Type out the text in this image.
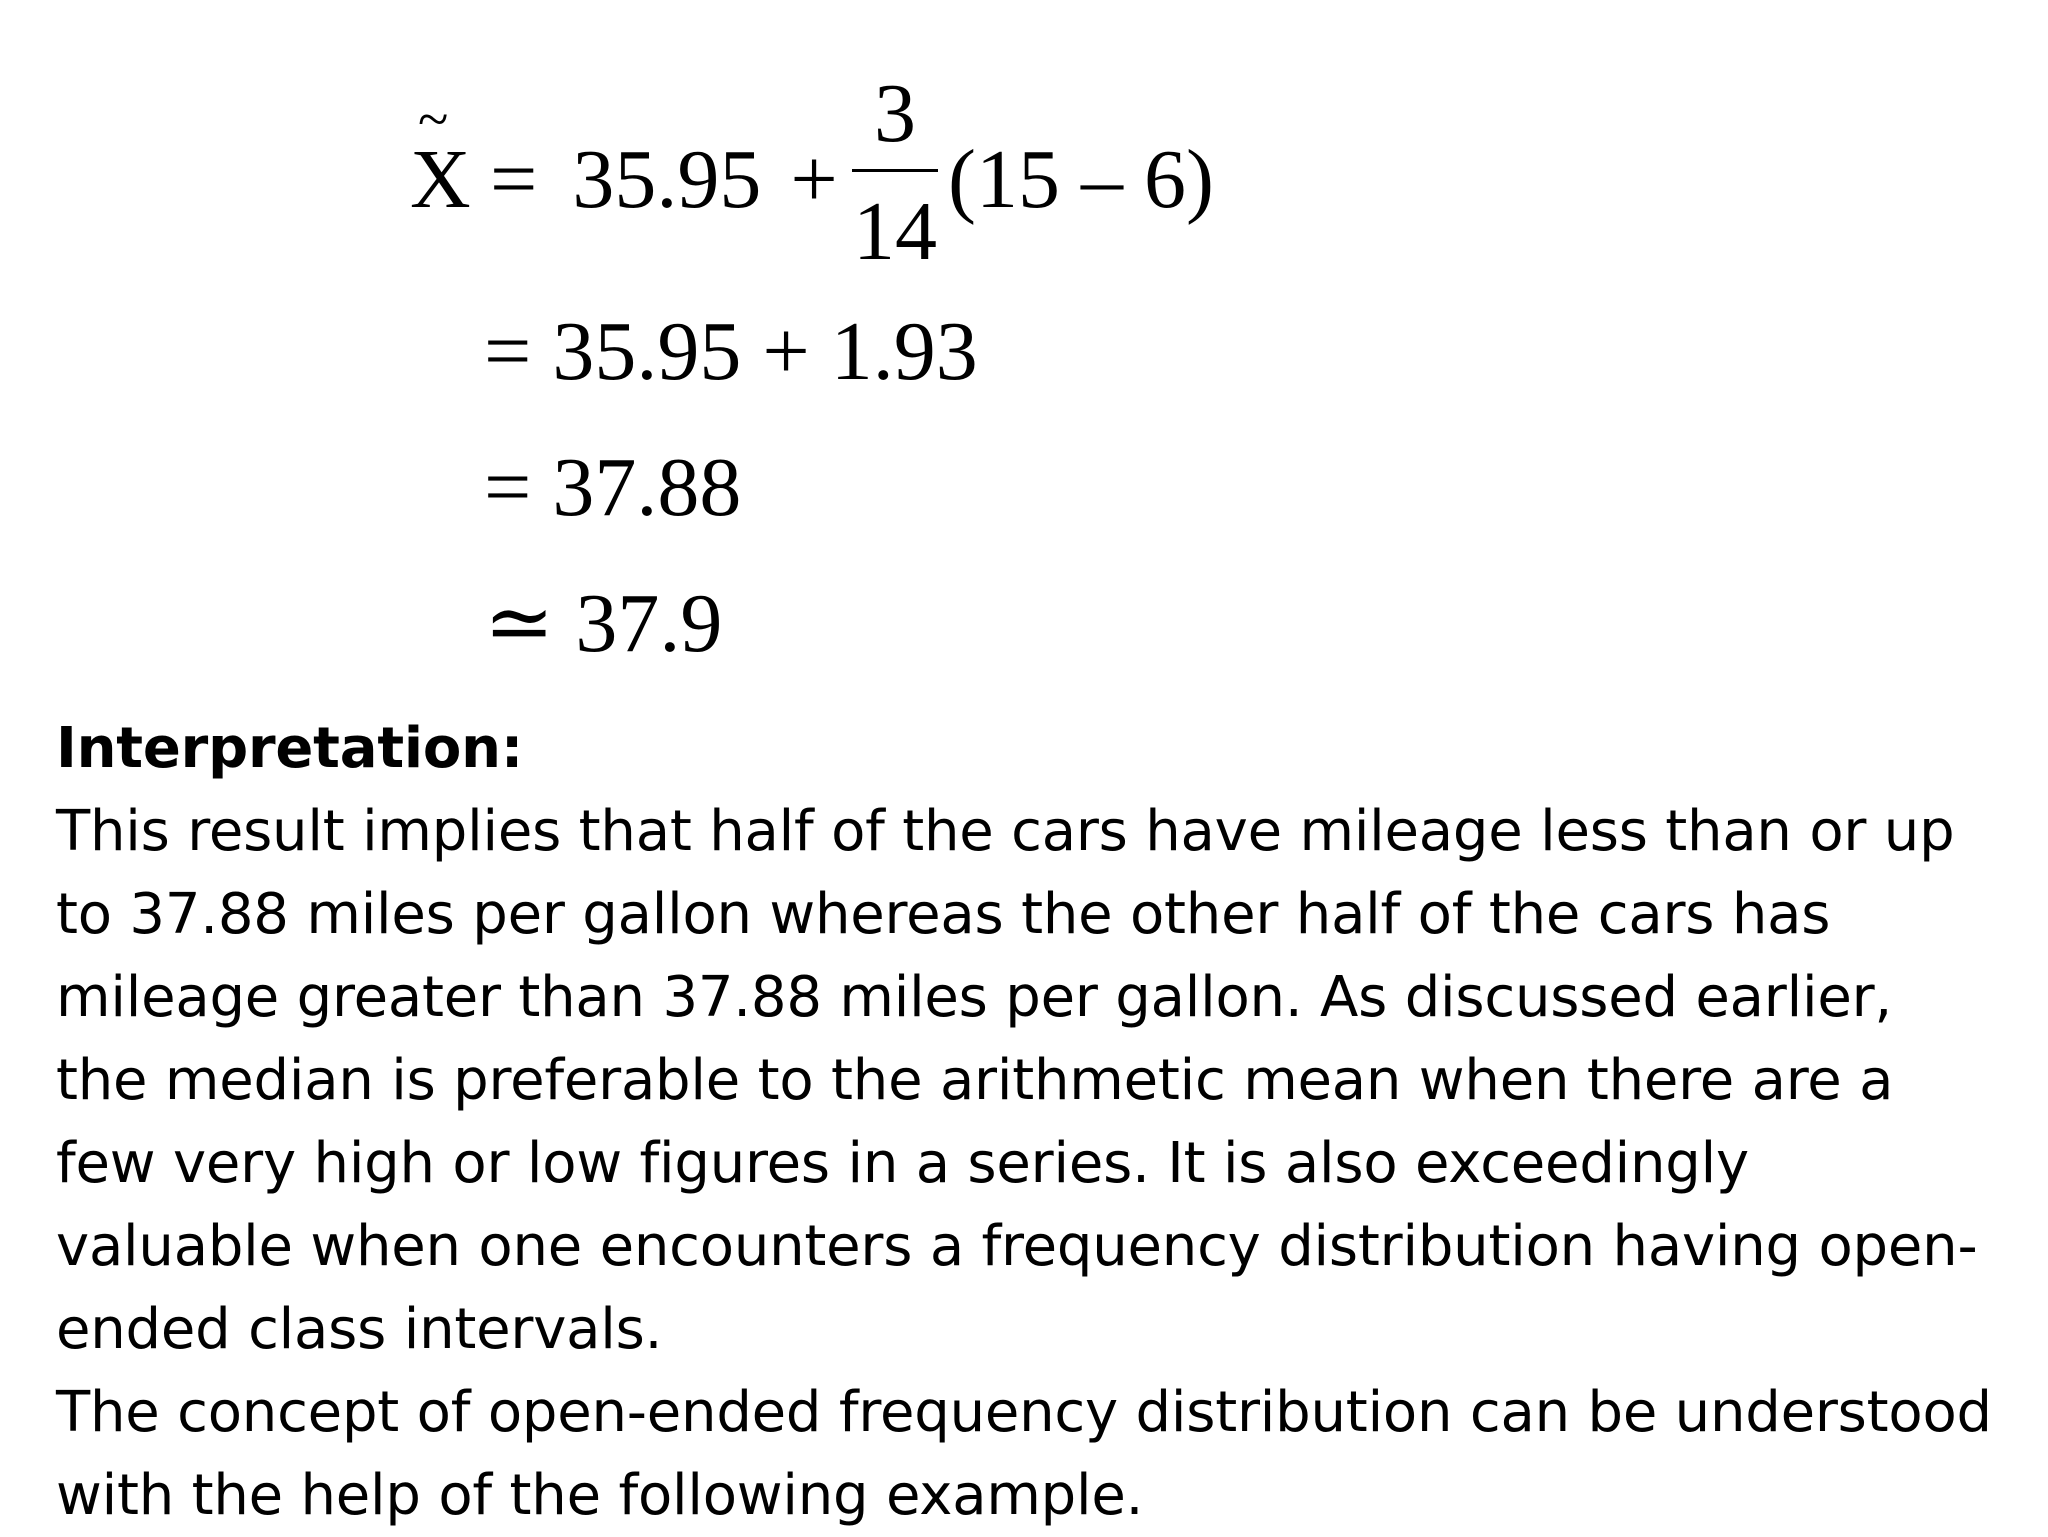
~
X = 35.95 +
3
14
(15 – 6)
= 35.95 + 1.93
= 37.88
≃ 37.9

Interpretation:

This result implies that half of the cars have mileage less than or up to 37.88 miles per gallon whereas the other half of the cars has mileage greater than 37.88 miles per gallon. As discussed earlier, the median is preferable to the arithmetic mean when there are a few very high or low figures in a series. It is also exceedingly valuable when one encounters a frequency distribution having open-ended class intervals.

The concept of open-ended frequency distribution can be understood with the help of the following example.
